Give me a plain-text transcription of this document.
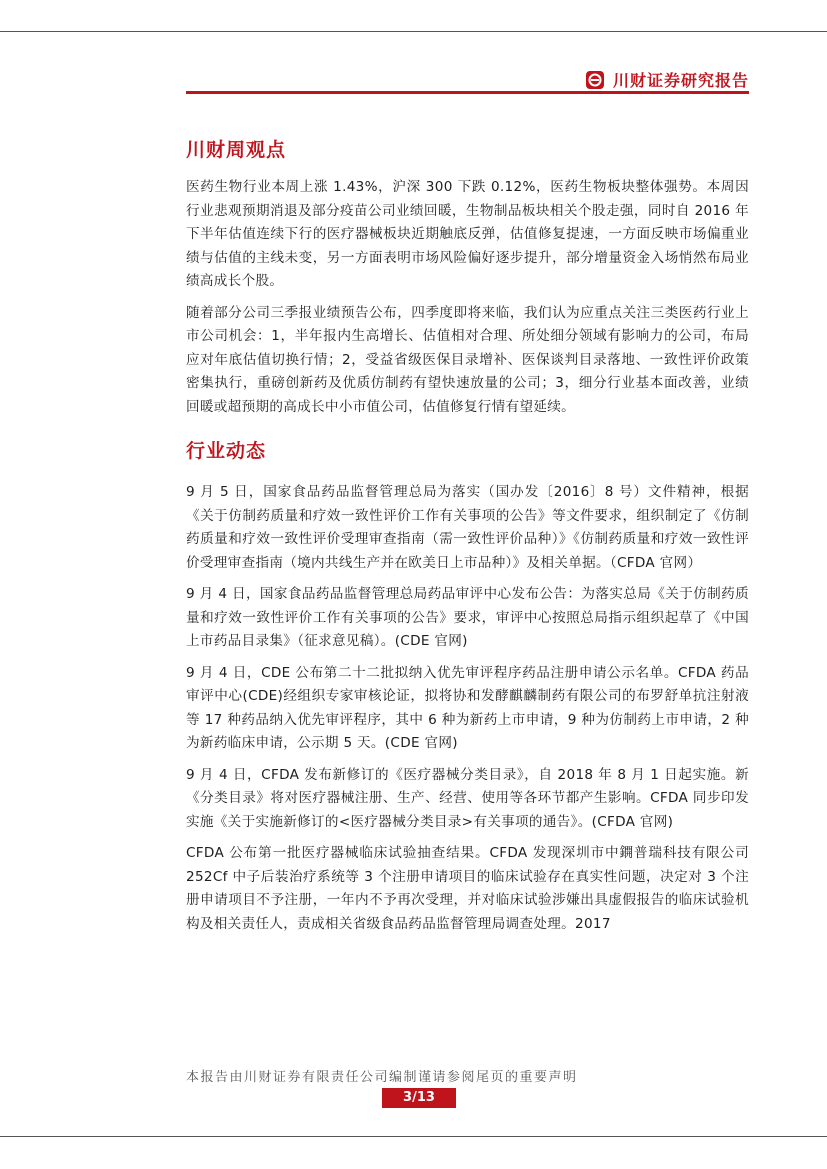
川财证券研究报告
川财周观点

医药生物行业本周上涨 1.43%，沪深 300 下跌 0.12%，医药生物板块整体强势。本周因行业悲观预期消退及部分疫苗公司业绩回暖，生物制品板块相关个股走强，同时自 2016 年下半年估值连续下行的医疗器械板块近期触底反弹，估值修复提速，一方面反映市场偏重业绩与估值的主线未变，另一方面表明市场风险偏好逐步提升，部分增量资金入场悄然布局业绩高成长个股。

随着部分公司三季报业绩预告公布，四季度即将来临，我们认为应重点关注三类医药行业上市公司机会：1，半年报内生高增长、估值相对合理、所处细分领域有影响力的公司，布局应对年底估值切换行情；2，受益省级医保目录增补、医保谈判目录落地、一致性评价政策密集执行，重磅创新药及优质仿制药有望快速放量的公司；3，细分行业基本面改善，业绩回暖或超预期的高成长中小市值公司，估值修复行情有望延续。

行业动态

9 月 5 日，国家食品药品监督管理总局为落实（国办发〔2016〕8 号）文件精神，根据《关于仿制药质量和疗效一致性评价工作有关事项的公告》等文件要求，组织制定了《仿制药质量和疗效一致性评价受理审查指南（需一致性评价品种）》《仿制药质量和疗效一致性评价受理审查指南（境内共线生产并在欧美日上市品种）》及相关单据。（CFDA 官网）

9 月 4 日，国家食品药品监督管理总局药品审评中心发布公告：为落实总局《关于仿制药质量和疗效一致性评价工作有关事项的公告》要求，审评中心按照总局指示组织起草了《中国上市药品目录集》（征求意见稿）。(CDE 官网)

9 月 4 日，CDE 公布第二十二批拟纳入优先审评程序药品注册申请公示名单。CFDA 药品审评中心(CDE)经组织专家审核论证，拟将协和发酵麒麟制药有限公司的布罗舒单抗注射液等 17 种药品纳入优先审评程序，其中 6 种为新药上市申请，9 种为仿制药上市申请，2 种为新药临床申请，公示期 5 天。(CDE 官网)

9 月 4 日，CFDA 发布新修订的《医疗器械分类目录》，自 2018 年 8 月 1 日起实施。新《分类目录》将对医疗器械注册、生产、经营、使用等各环节都产生影响。CFDA 同步印发实施《关于实施新修订的<医疗器械分类目录>有关事项的通告》。(CFDA 官网)

CFDA 公布第一批医疗器械临床试验抽查结果。CFDA 发现深圳市中鐦普瑞科技有限公司 252Cf 中子后装治疗系统等 3 个注册申请项目的临床试验存在真实性问题，决定对 3 个注册申请项目不予注册，一年内不予再次受理，并对临床试验涉嫌出具虚假报告的临床试验机构及相关责任人，责成相关省级食品药品监督管理局调查处理。2017

本报告由川财证券有限责任公司编制谨请参阅尾页的重要声明
3/13
